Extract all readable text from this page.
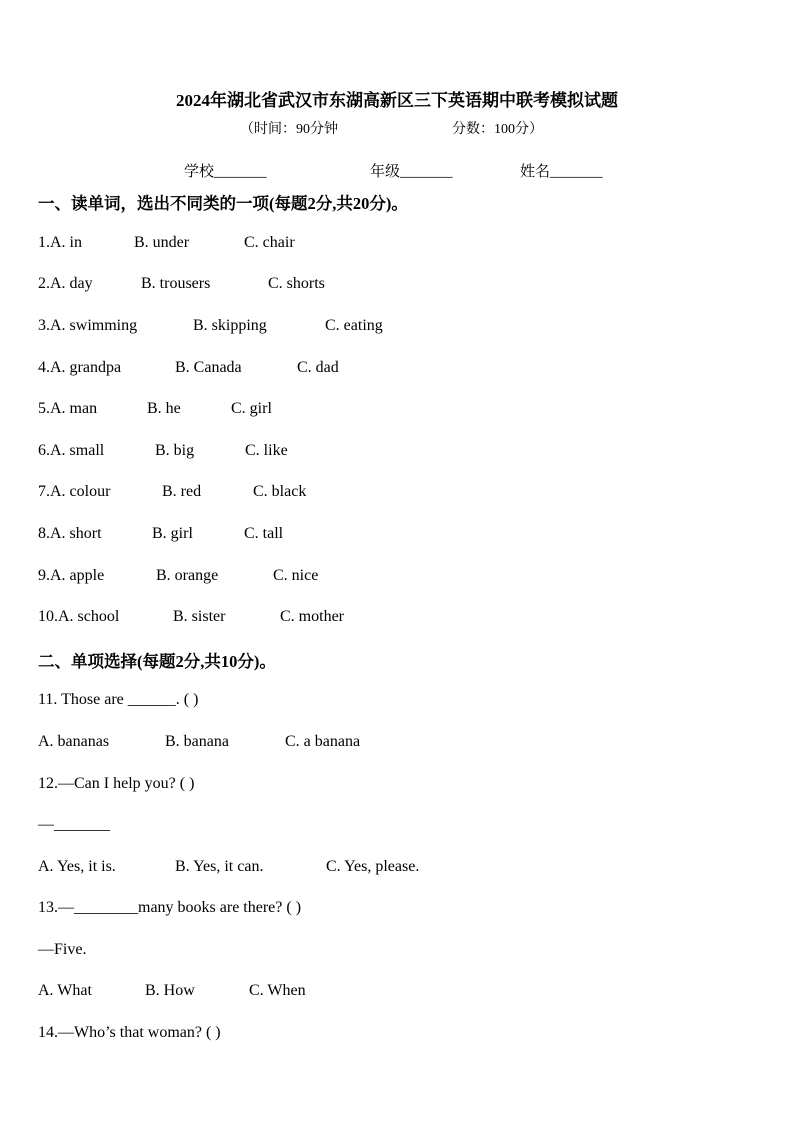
2024年湖北省武汉市东湖高新区三下英语期中联考模拟试题
（时间：90分钟	分数：100分）
学校_______	年级_______	姓名_______
一、读单词，选出不同类的一项(每题2分,共20分)。
1.A. in	B. under	C. chair
2.A. day	B. trousers	C. shorts
3.A. swimming	B. skipping	C. eating
4.A. grandpa	B. Canada	C. dad
5.A. man	B. he	C. girl
6.A. small	B. big	C. like
7.A. colour	B. red	C. black
8.A. short	B. girl	C. tall
9.A. apple	B. orange	C. nice
10.A. school	B. sister	C. mother
二、单项选择(每题2分,共10分)。
11. Those are ______. ( )
A. bananas	B. banana	C. a banana
12.—Can I help you? ( )
—_______
A. Yes, it is.	B. Yes, it can.	C. Yes, please.
13.—________many books are there? ( )
—Five.
A. What	B. How	C. When
14.—Who’s that woman? ( )
